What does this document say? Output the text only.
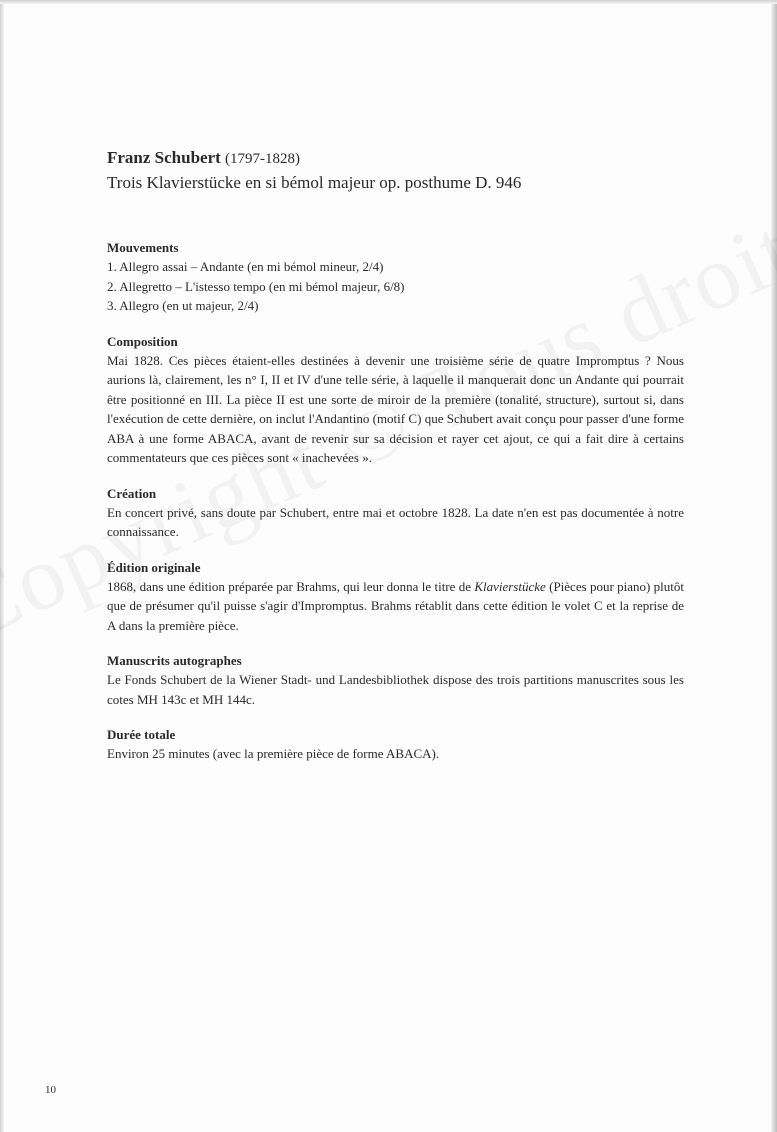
Franz Schubert (1797-1828)

Trois Klavierstücke en si bémol majeur op. posthume D. 946

Mouvements
1. Allegro assai – Andante (en mi bémol mineur, 2/4)
2. Allegretto – L'istesso tempo (en mi bémol majeur, 6/8)
3. Allegro (en ut majeur, 2/4)
Composition

Mai 1828. Ces pièces étaient-elles destinées à devenir une troisième série de quatre Impromptus ? Nous aurions là, clairement, les n° I, II et IV d'une telle série, à laquelle il manquerait donc un Andante qui pourrait être positionné en III. La pièce II est une sorte de miroir de la première (tonalité, structure), surtout si, dans l'exécution de cette dernière, on inclut l'Andantino (motif C) que Schubert avait conçu pour passer d'une forme ABA à une forme ABACA, avant de revenir sur sa décision et rayer cet ajout, ce qui a fait dire à certains commentateurs que ces pièces sont « inachevées ».

Création

En concert privé, sans doute par Schubert, entre mai et octobre 1828. La date n'en est pas documentée à notre connaissance.

Édition originale

1868, dans une édition préparée par Brahms, qui leur donna le titre de Klavierstücke (Pièces pour piano) plutôt que de présumer qu'il puisse s'agir d'Impromptus. Brahms rétablit dans cette édition le volet C et la reprise de A dans la première pièce.

Manuscrits autographes

Le Fonds Schubert de la Wiener Stadt- und Landesbibliothek dispose des trois partitions manuscrites sous les cotes MH 143c et MH 144c.

Durée totale

Environ 25 minutes (avec la première pièce de forme ABACA).

10
